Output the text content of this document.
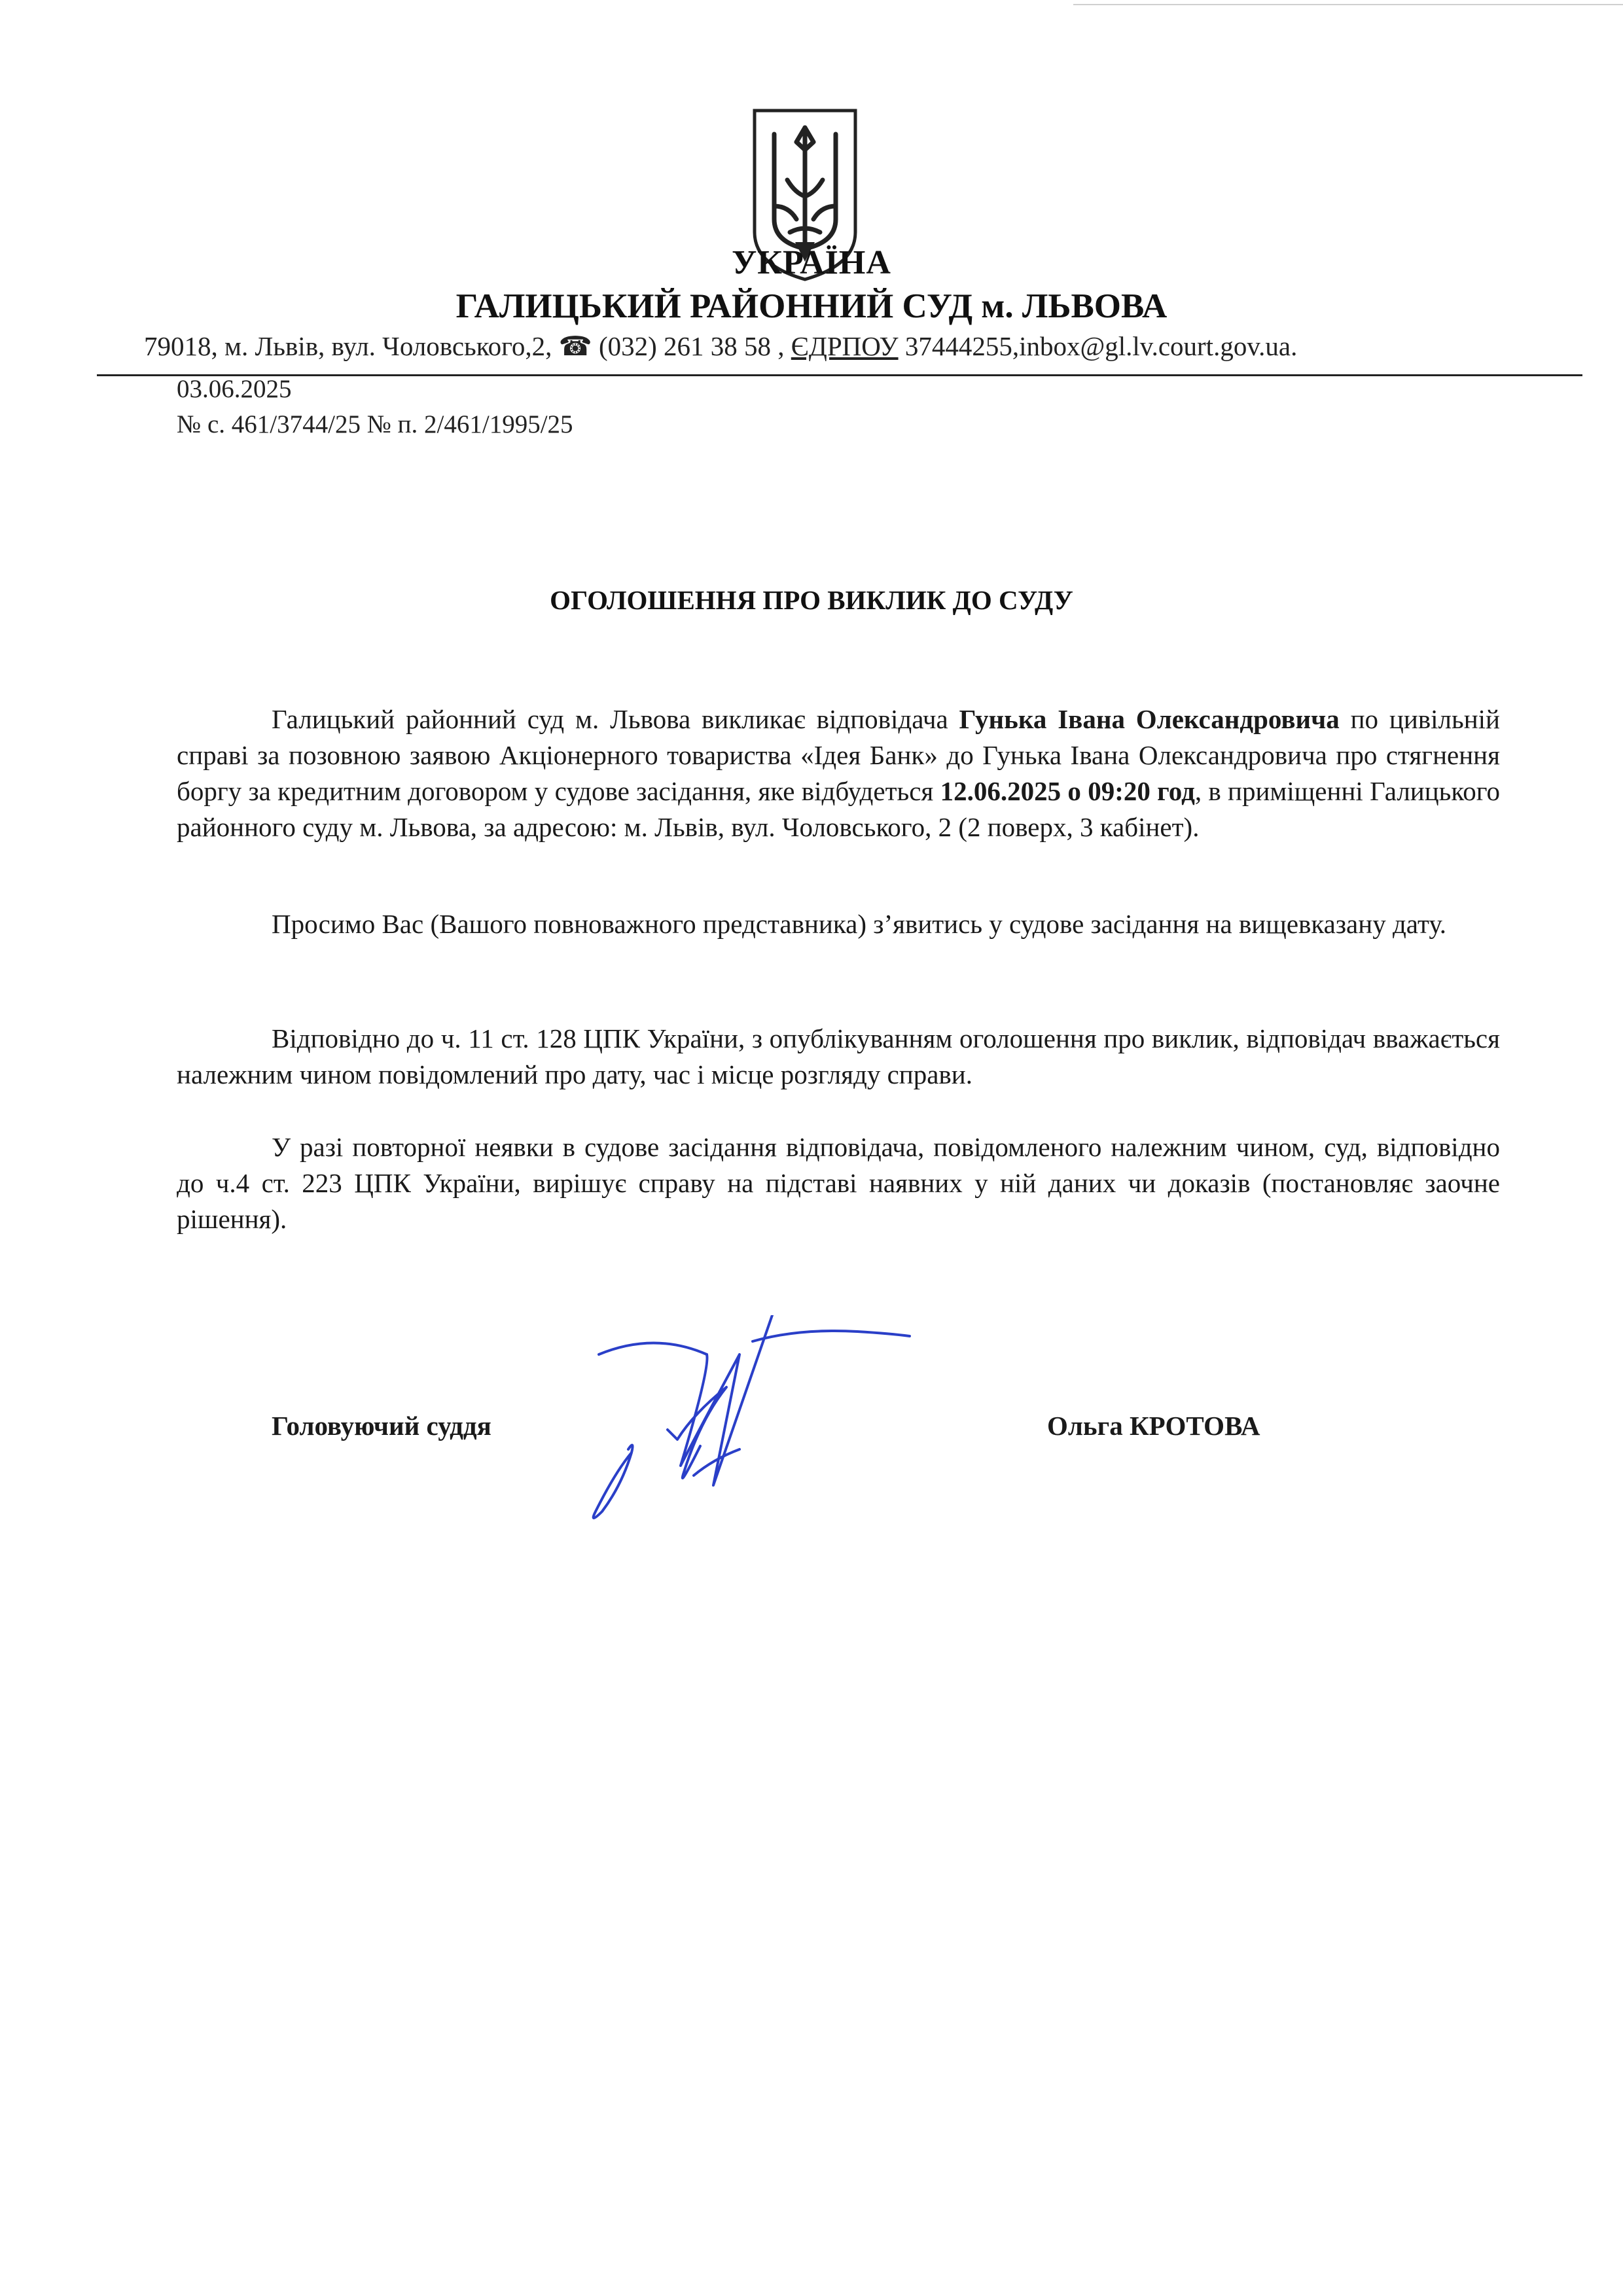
УКРАЇНА
ГАЛИЦЬКИЙ РАЙОННИЙ СУД м. ЛЬВОВА
79018, м. Львів, вул. Чоловського,2, ☎ (032) 261 38 58 , ЄДРПОУ 37444255,inbox@gl.lv.court.gov.ua.
03.06.2025
№ с. 461/3744/25 № п. 2/461/1995/25
ОГОЛОШЕННЯ ПРО ВИКЛИК ДО СУДУ
Галицький районний суд м. Львова викликає відповідача Гунька Івана Олександровича по цивільній справі за позовною заявою Акціонерного товариства «Ідея Банк» до Гунька Івана Олександровича про стягнення боргу за кредитним договором у судове засідання, яке відбудеться 12.06.2025 о 09:20 год, в приміщенні Галицького районного суду м. Львова, за адресою: м. Львів, вул. Чоловського, 2 (2 поверх, 3 кабінет).
Просимо Вас (Вашого повноважного представника) з’явитись у судове засідання на вищевказану дату.
Відповідно до ч. 11 ст. 128 ЦПК України, з опублікуванням оголошення про виклик, відповідач вважається належним чином повідомлений про дату, час і місце розгляду справи.
У разі повторної неявки в судове засідання відповідача, повідомленого належним чином, суд, відповідно до ч.4 ст. 223 ЦПК України, вирішує справу на підставі наявних у ній даних чи доказів (постановляє заочне рішення).
Головуючий суддя	Ольга КРОТОВА
